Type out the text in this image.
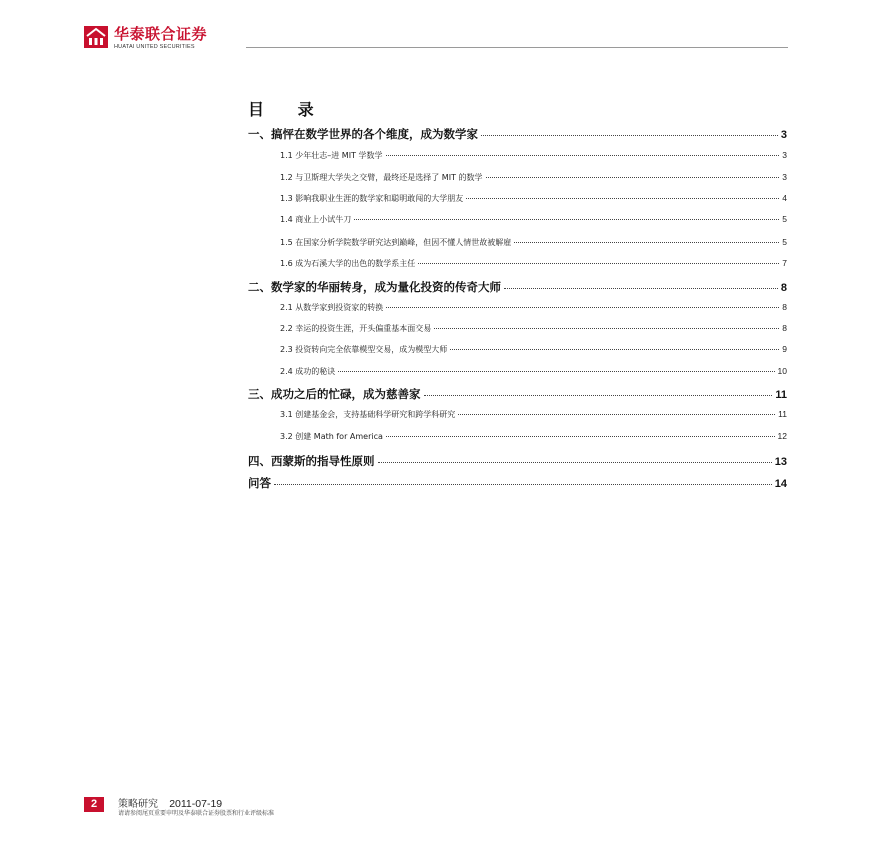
华泰联合证券
HUATAI UNITED SECURITIES
目 录
一、搞怦在数学世界的各个维度，成为数学家	3
1.1 少年壮志–进 MIT 学数学	3
1.2 与卫斯理大学失之交臂，最终还是选择了 MIT 的数学	3
1.3 影响我职业生涯的数学家和聪明敢闯的大学朋友	4
1.4 商业上小试牛刀	5
1.5 在国家分析学院数学研究达到巅峰，但因不懂人情世故被解雇	5
1.6 成为石溪大学的出色的数学系主任	7
二、数学家的华丽转身，成为量化投资的传奇大师	8
2.1 从数学家到投资家的转换	8
2.2 幸运的投资生涯，开头偏重基本面交易	8
2.3 投资转向完全依靠模型交易，成为模型大师	9
2.4 成功的秘诀	10
三、成功之后的忙碌，成为慈善家	11
3.1 创建基金会，支持基础科学研究和跨学科研究	11
3.2 创建 Math for America	12
四、西蒙斯的指导性原则	13
问答	14
2	策略研究 2011-07-19
请请参阅尾页重要申明及华泰联合证券股票和行业评级标准
